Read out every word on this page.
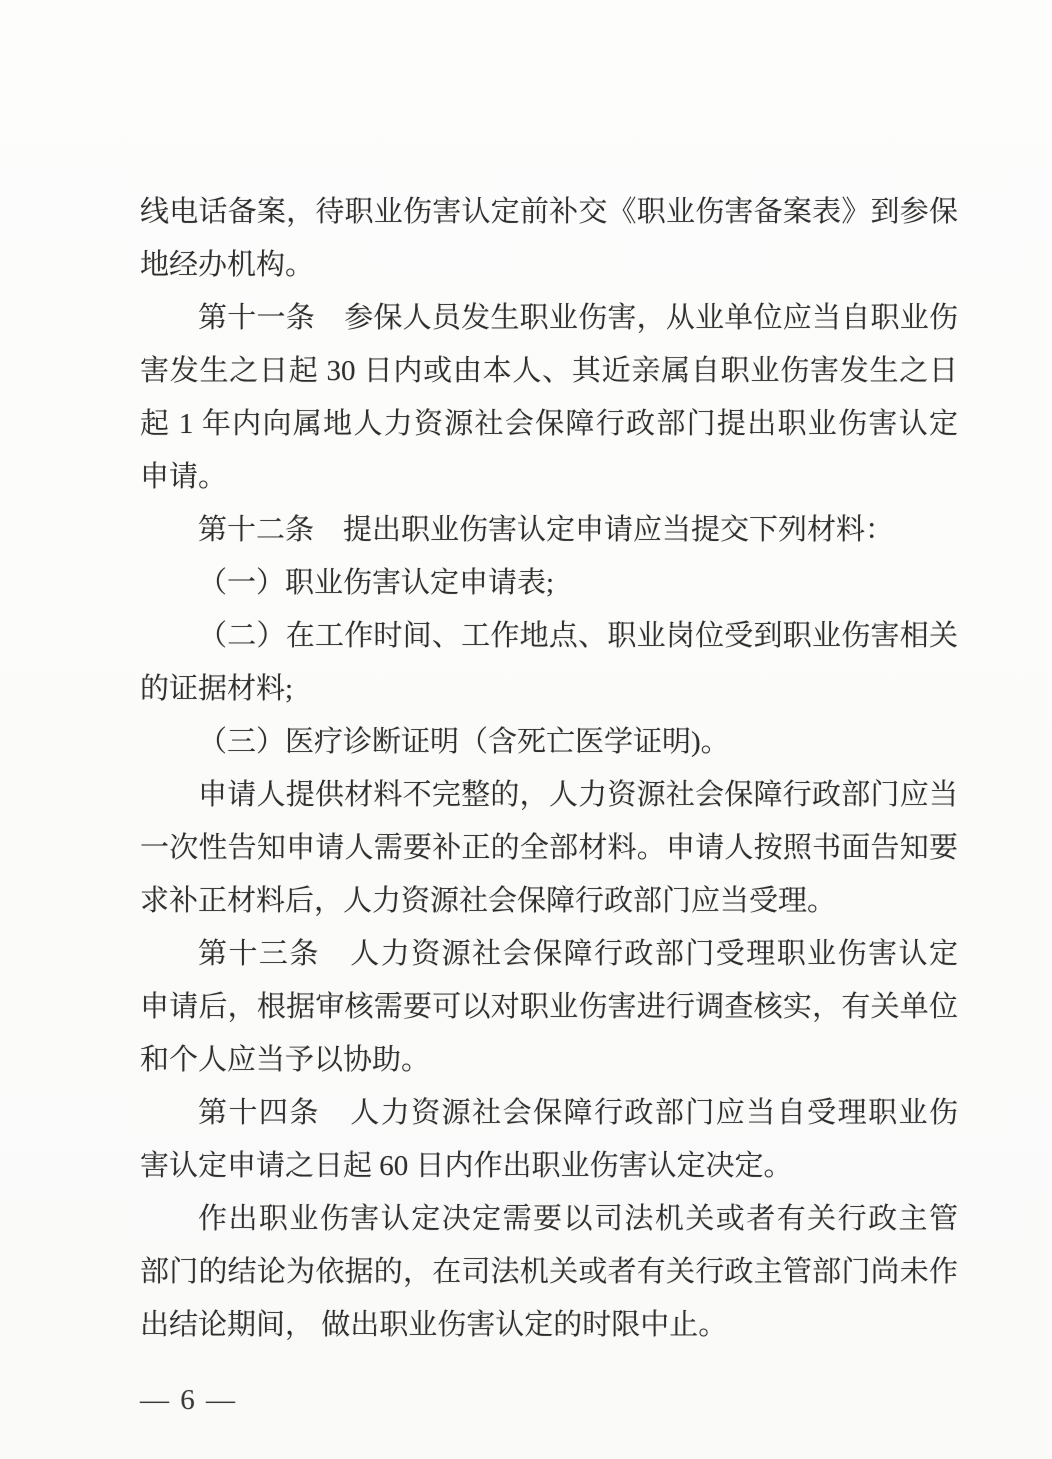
线电话备案，待职业伤害认定前补交《职业伤害备案表》到参保
地经办机构。
第十一条　参保人员发生职业伤害，从业单位应当自职业伤
害发生之日起 30 日内或由本人、其近亲属自职业伤害发生之日
起 1 年内向属地人力资源社会保障行政部门提出职业伤害认定
申请。
第十二条　提出职业伤害认定申请应当提交下列材料：
（一）职业伤害认定申请表;
（二）在工作时间、工作地点、职业岗位受到职业伤害相关
的证据材料;
（三）医疗诊断证明（含死亡医学证明)。
申请人提供材料不完整的，人力资源社会保障行政部门应当
一次性告知申请人需要补正的全部材料。申请人按照书面告知要
求补正材料后，人力资源社会保障行政部门应当受理。
第十三条　人力资源社会保障行政部门受理职业伤害认定
申请后，根据审核需要可以对职业伤害进行调查核实，有关单位
和个人应当予以协助。
第十四条　人力资源社会保障行政部门应当自受理职业伤
害认定申请之日起 60 日内作出职业伤害认定决定。
作出职业伤害认定决定需要以司法机关或者有关行政主管
部门的结论为依据的，在司法机关或者有关行政主管部门尚未作
出结论期间， 做出职业伤害认定的时限中止。
— 6 —
